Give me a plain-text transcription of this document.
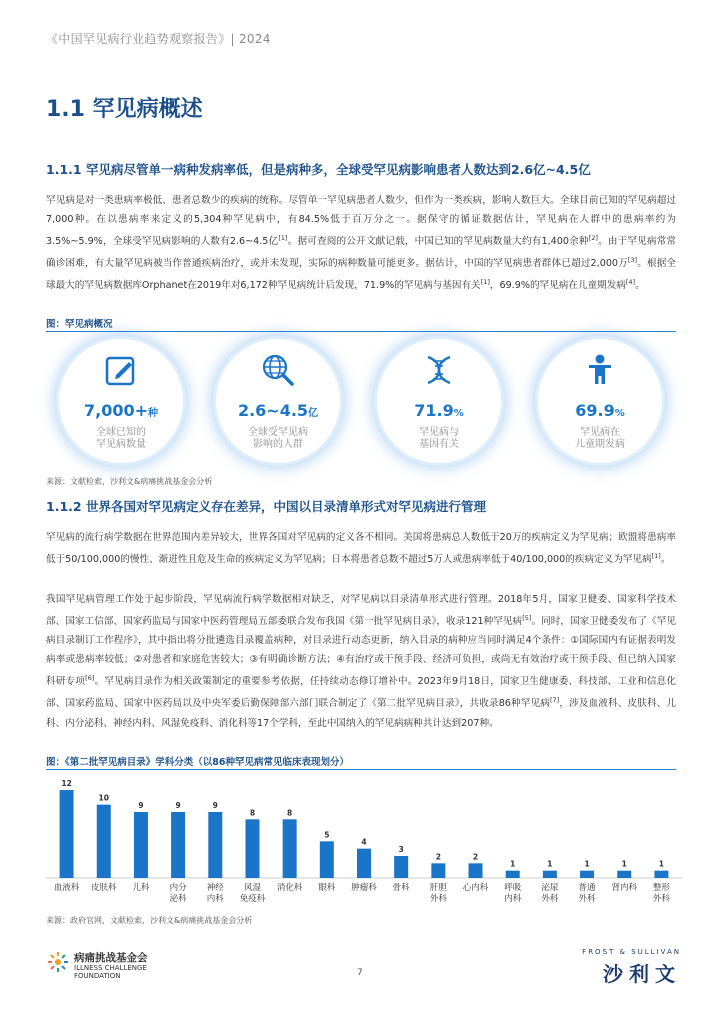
《中国罕见病行业趋势观察报告》| 2024
1.1 罕见病概述
1.1.1 罕见病尽管单一病种发病率低，但是病种多，全球受罕见病影响患者人数达到2.6亿~4.5亿

罕见病是对一类患病率极低、患者总数少的疾病的统称。尽管单一罕见病患者人数少，但作为一类疾病，影响人数巨大。全球目前已知的罕见病超过7,000种。在以患病率来定义的5,304种罕见病中，有84.5%低于百万分之一。据保守的循证数据估计，罕见病在人群中的患病率约为3.5%~5.9%，全球受罕见病影响的人数有2.6~4.5亿[1]。据可查阅的公开文献记载，中国已知的罕见病数量大约有1,400余种[2]。由于罕见病常常确诊困难，有大量罕见病被当作普通疾病治疗，或并未发现，实际的病种数量可能更多。据估计，中国的罕见病患者群体已超过2,000万[3]。根据全球最大的罕见病数据库Orphanet在2019年对6,172种罕见病统计后发现，71.9%的罕见病与基因有关[1]，69.9%的罕见病在儿童期发病[4]。

图：罕见病概况
7,000+种
全球已知的
罕见病数量
2.6~4.5亿
全球受罕见病
影响的人群
71.9%
罕见病与
基因有关
69.9%
罕见病在
儿童期发病
来源：文献检索，沙利文&病痛挑战基金会分析
1.1.2 世界各国对罕见病定义存在差异，中国以目录清单形式对罕见病进行管理

罕见病的流行病学数据在世界范围内差异较大，世界各国对罕见病的定义各不相同。美国将患病总人数低于20万的疾病定义为罕见病；欧盟将患病率低于50/100,000的慢性、渐进性且危及生命的疾病定义为罕见病；日本将患者总数不超过5万人或患病率低于40/100,000的疾病定义为罕见病[1]。

我国罕见病管理工作处于起步阶段，罕见病流行病学数据相对缺乏，对罕见病以目录清单形式进行管理。2018年5月，国家卫健委、国家科学技术部、国家工信部、国家药监局与国家中医药管理局五部委联合发布我国《第一批罕见病目录》，收录121种罕见病[5]。同时，国家卫健委发布了《罕见病目录制订工作程序》，其中指出将分批遴选目录覆盖病种，对目录进行动态更新，纳入目录的病种应当同时满足4个条件：①国际国内有证据表明发病率或患病率较低；②对患者和家庭危害较大；③有明确诊断方法；④有治疗或干预手段、经济可负担，或尚无有效治疗或干预手段、但已纳入国家科研专项[6]。罕见病目录作为相关政策制定的重要参考依据，任持续动态修订增补中。2023年9月18日，国家卫生健康委、科技部、工业和信息化部、国家药监局、国家中医药局以及中央军委后勤保障部六部门联合制定了《第二批罕见病目录》，共收录86种罕见病[7]，涉及血液科、皮肤科、儿科、内分泌科、神经内科、风湿免疫科、消化科等17个学科，至此中国纳入的罕见病病种共计达到207种。

图：《第二批罕见病目录》学科分类（以86种罕见病常见临床表现划分）
12
血液科
10
皮肤科
9
儿科
9
内分
泌科
9
神经
内科
8
风湿
免疫科
8
消化科
5
眼科
4
肿瘤科
3
骨科
2
肝胆
外科
2
心内科
1
呼吸
内科
1
泌尿
外科
1
普通
外科
1
肾内科
1
整形
外科
来源：政府官网，文献检索，沙利文&病痛挑战基金会分析
病痛挑战基金会
ILLNESS CHALLENGE
FOUNDATION	7
FROST & SULLIVAN
沙利文
